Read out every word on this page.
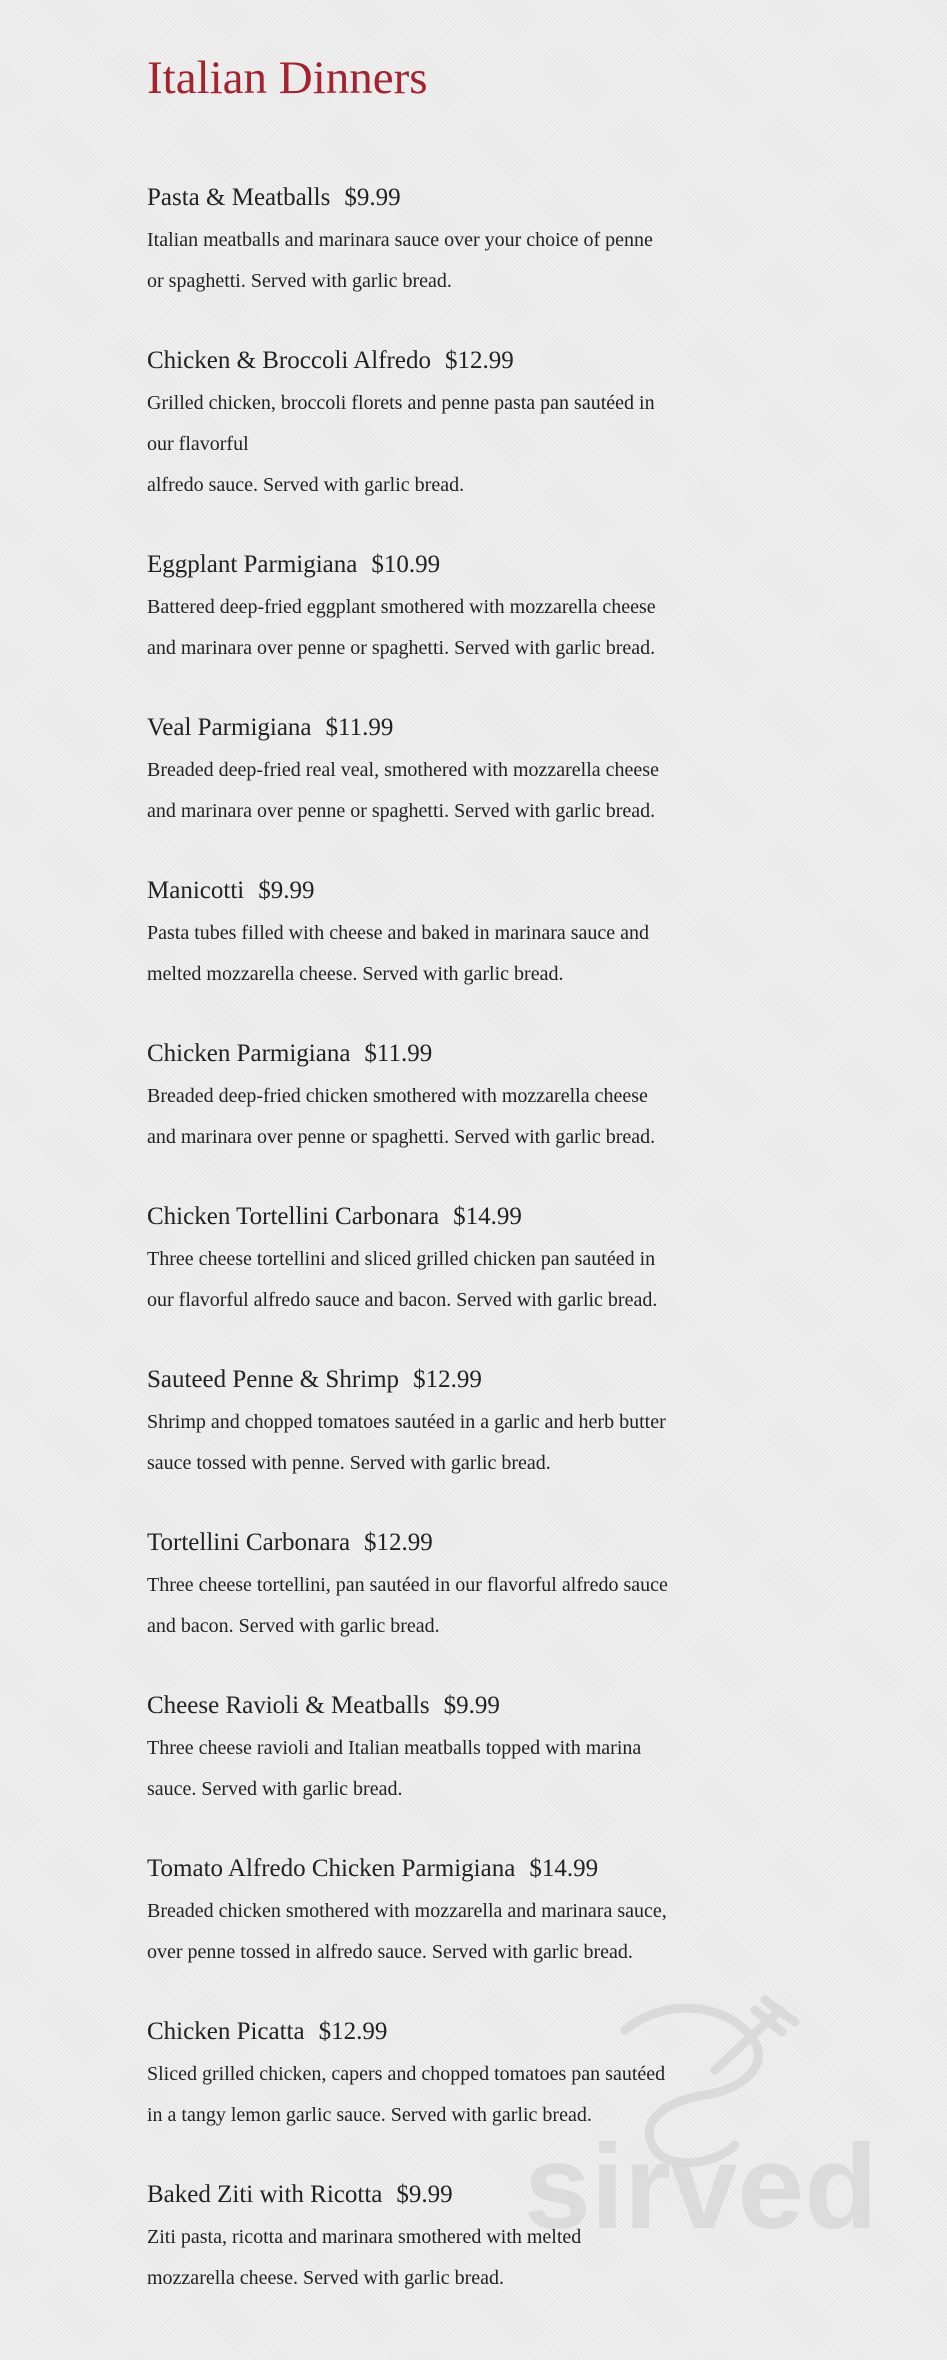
Italian Dinners
Pasta & Meatballs $9.99
Italian meatballs and marinara sauce over your choice of penne
or spaghetti. Served with garlic bread.
Chicken & Broccoli Alfredo $12.99
Grilled chicken, broccoli florets and penne pasta pan sautéed in
our flavorful
alfredo sauce. Served with garlic bread.
Eggplant Parmigiana $10.99
Battered deep-fried eggplant smothered with mozzarella cheese
and marinara over penne or spaghetti. Served with garlic bread.
Veal Parmigiana $11.99
Breaded deep-fried real veal, smothered with mozzarella cheese
and marinara over penne or spaghetti. Served with garlic bread.
Manicotti $9.99
Pasta tubes filled with cheese and baked in marinara sauce and
melted mozzarella cheese. Served with garlic bread.
Chicken Parmigiana $11.99
Breaded deep-fried chicken smothered with mozzarella cheese
and marinara over penne or spaghetti. Served with garlic bread.
Chicken Tortellini Carbonara $14.99
Three cheese tortellini and sliced grilled chicken pan sautéed in
our flavorful alfredo sauce and bacon. Served with garlic bread.
Sauteed Penne & Shrimp $12.99
Shrimp and chopped tomatoes sautéed in a garlic and herb butter
sauce tossed with penne. Served with garlic bread.
Tortellini Carbonara $12.99
Three cheese tortellini, pan sautéed in our flavorful alfredo sauce
and bacon. Served with garlic bread.
Cheese Ravioli & Meatballs $9.99
Three cheese ravioli and Italian meatballs topped with marina
sauce. Served with garlic bread.
Tomato Alfredo Chicken Parmigiana $14.99
Breaded chicken smothered with mozzarella and marinara sauce,
over penne tossed in alfredo sauce. Served with garlic bread.
Chicken Picatta $12.99
Sliced grilled chicken, capers and chopped tomatoes pan sautéed
in a tangy lemon garlic sauce. Served with garlic bread.
Baked Ziti with Ricotta $9.99
Ziti pasta, ricotta and marinara smothered with melted
mozzarella cheese. Served with garlic bread.
sirved
